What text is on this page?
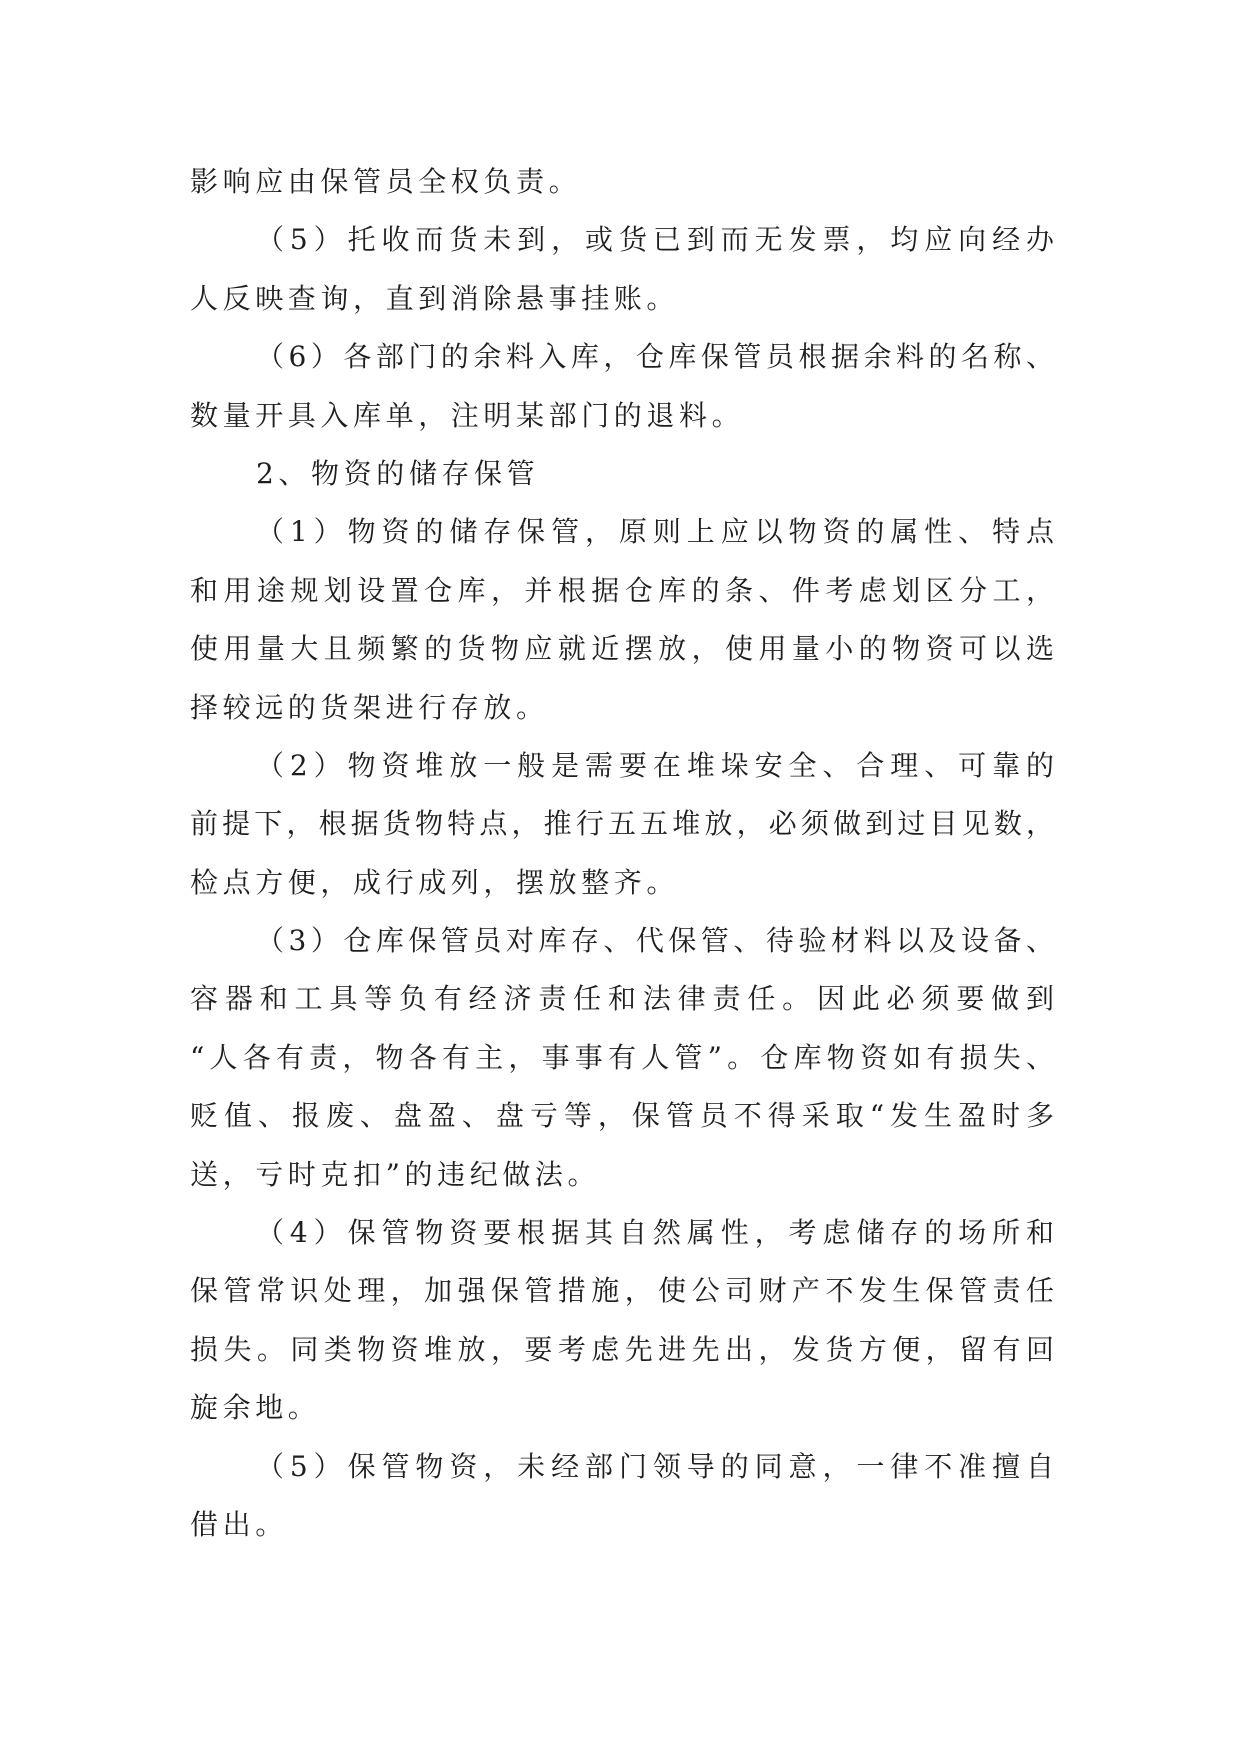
影响应由保管员全权负责。
（5）托收而货未到，或货已到而无发票，均应向经办
人反映查询，直到消除悬事挂账。
（6）各部门的余料入库，仓库保管员根据余料的名称、
数量开具入库单，注明某部门的退料。
2、物资的储存保管
（1）物资的储存保管，原则上应以物资的属性、特点
和用途规划设置仓库，并根据仓库的条、件考虑划区分工，
使用量大且频繁的货物应就近摆放，使用量小的物资可以选
择较远的货架进行存放。
（2）物资堆放一般是需要在堆垛安全、合理、可靠的
前提下，根据货物特点，推行五五堆放，必须做到过目见数，
检点方便，成行成列，摆放整齐。
（3）仓库保管员对库存、代保管、待验材料以及设备、
容器和工具等负有经济责任和法律责任。因此必须要做到
“人各有责，物各有主，事事有人管”。仓库物资如有损失、
贬值、报废、盘盈、盘亏等，保管员不得采取“发生盈时多
送，亏时克扣”的违纪做法。
（4）保管物资要根据其自然属性，考虑储存的场所和
保管常识处理，加强保管措施，使公司财产不发生保管责任
损失。同类物资堆放，要考虑先进先出，发货方便，留有回
旋余地。
（5）保管物资，未经部门领导的同意，一律不准擅自
借出。
